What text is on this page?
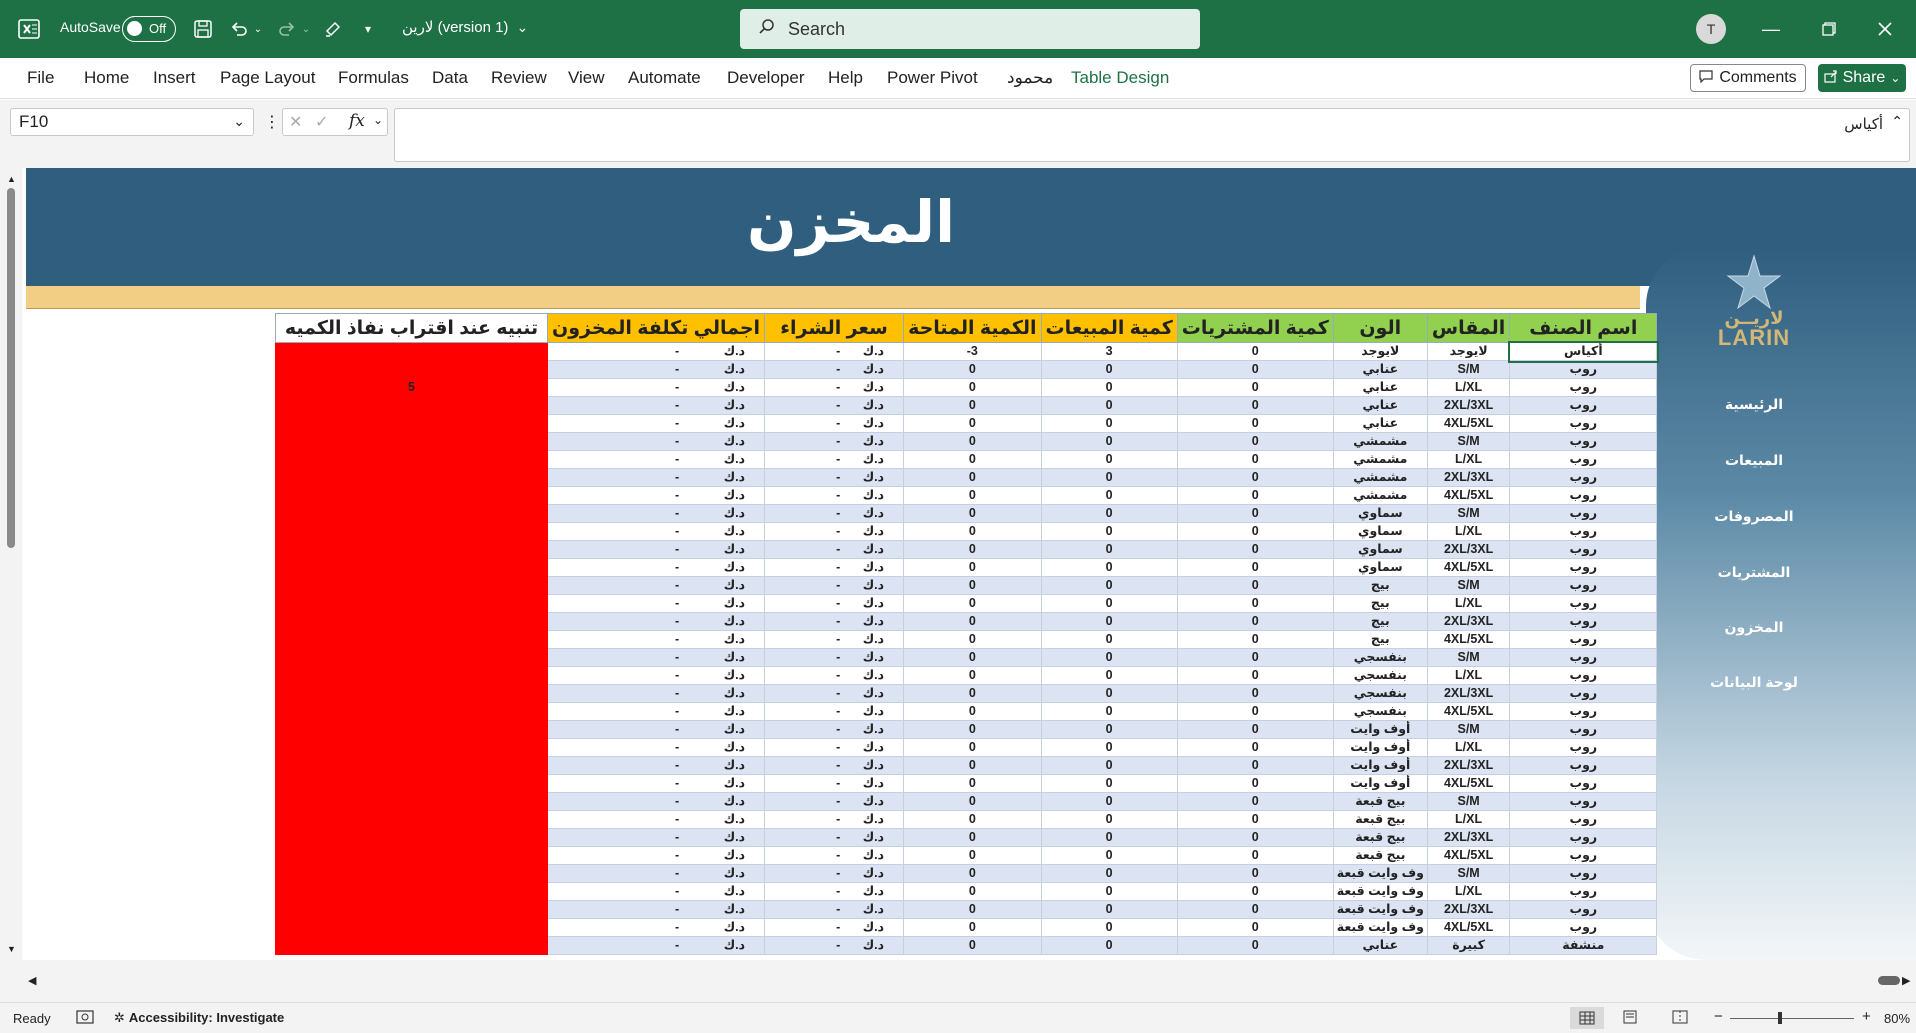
AutoSave Off	⌄	⌄	▾	لارين (version 1) ⌄	Search	T	—
File Home Insert Page Layout Formulas Data Review View Automate Developer Help Power Pivot محمود Table Design	Comments	Share ⌄
F10	⌄ ⋮ ✕ ✓ fx ⌄	أكياس ⌃
▲
▼
المخزن
لاريــن
LARIN
الرئيسية
المبيعات
المصروفات
المشتريات
المخزون
لوحة البيانات
تنبيه عند اقتراب نفاذ الكميه	اجمالي تكلفة المخزون	سعر الشراء	الكمية المتاحة	كمية المبيعات	كمية المشتريات	الون	المقاس	اسم الصنف

	- د.ك	- د.ك	-3	3	0	لايوجد	لايوجد	أكياس

	- د.ك	- د.ك	0	0	0	عنابي	S/M	روب
5	- د.ك	- د.ك	0	0	0	عنابي	L/XL	روب

	- د.ك	- د.ك	0	0	0	عنابي	2XL/3XL	روب

	- د.ك	- د.ك	0	0	0	عنابي	4XL/5XL	روب

	- د.ك	- د.ك	0	0	0	مشمشي	S/M	روب

	- د.ك	- د.ك	0	0	0	مشمشي	L/XL	روب

	- د.ك	- د.ك	0	0	0	مشمشي	2XL/3XL	روب

	- د.ك	- د.ك	0	0	0	مشمشي	4XL/5XL	روب

	- د.ك	- د.ك	0	0	0	سماوي	S/M	روب

	- د.ك	- د.ك	0	0	0	سماوي	L/XL	روب

	- د.ك	- د.ك	0	0	0	سماوي	2XL/3XL	روب

	- د.ك	- د.ك	0	0	0	سماوي	4XL/5XL	روب

	- د.ك	- د.ك	0	0	0	بيج	S/M	روب

	- د.ك	- د.ك	0	0	0	بيج	L/XL	روب

	- د.ك	- د.ك	0	0	0	بيج	2XL/3XL	روب

	- د.ك	- د.ك	0	0	0	بيج	4XL/5XL	روب

	- د.ك	- د.ك	0	0	0	بنفسجي	S/M	روب

	- د.ك	- د.ك	0	0	0	بنفسجي	L/XL	روب

	- د.ك	- د.ك	0	0	0	بنفسجي	2XL/3XL	روب

	- د.ك	- د.ك	0	0	0	بنفسجي	4XL/5XL	روب

	- د.ك	- د.ك	0	0	0	أوف وايت	S/M	روب

	- د.ك	- د.ك	0	0	0	أوف وايت	L/XL	روب

	- د.ك	- د.ك	0	0	0	أوف وايت	2XL/3XL	روب

	- د.ك	- د.ك	0	0	0	أوف وايت	4XL/5XL	روب

	- د.ك	- د.ك	0	0	0	بيج قبعة	S/M	روب

	- د.ك	- د.ك	0	0	0	بيج قبعة	L/XL	روب

	- د.ك	- د.ك	0	0	0	بيج قبعة	2XL/3XL	روب

	- د.ك	- د.ك	0	0	0	بيج قبعة	4XL/5XL	روب

	- د.ك	- د.ك	0	0	0	وف وايت قبعة	S/M	روب

	- د.ك	- د.ك	0	0	0	وف وايت قبعة	L/XL	روب

	- د.ك	- د.ك	0	0	0	وف وايت قبعة	2XL/3XL	روب

	- د.ك	- د.ك	0	0	0	وف وايت قبعة	4XL/5XL	روب

	- د.ك	- د.ك	0	0	0	عنابي	كبيرة	منشفة
◀	▶
Ready	✲ Accessibility: Investigate	−	+ 80%
